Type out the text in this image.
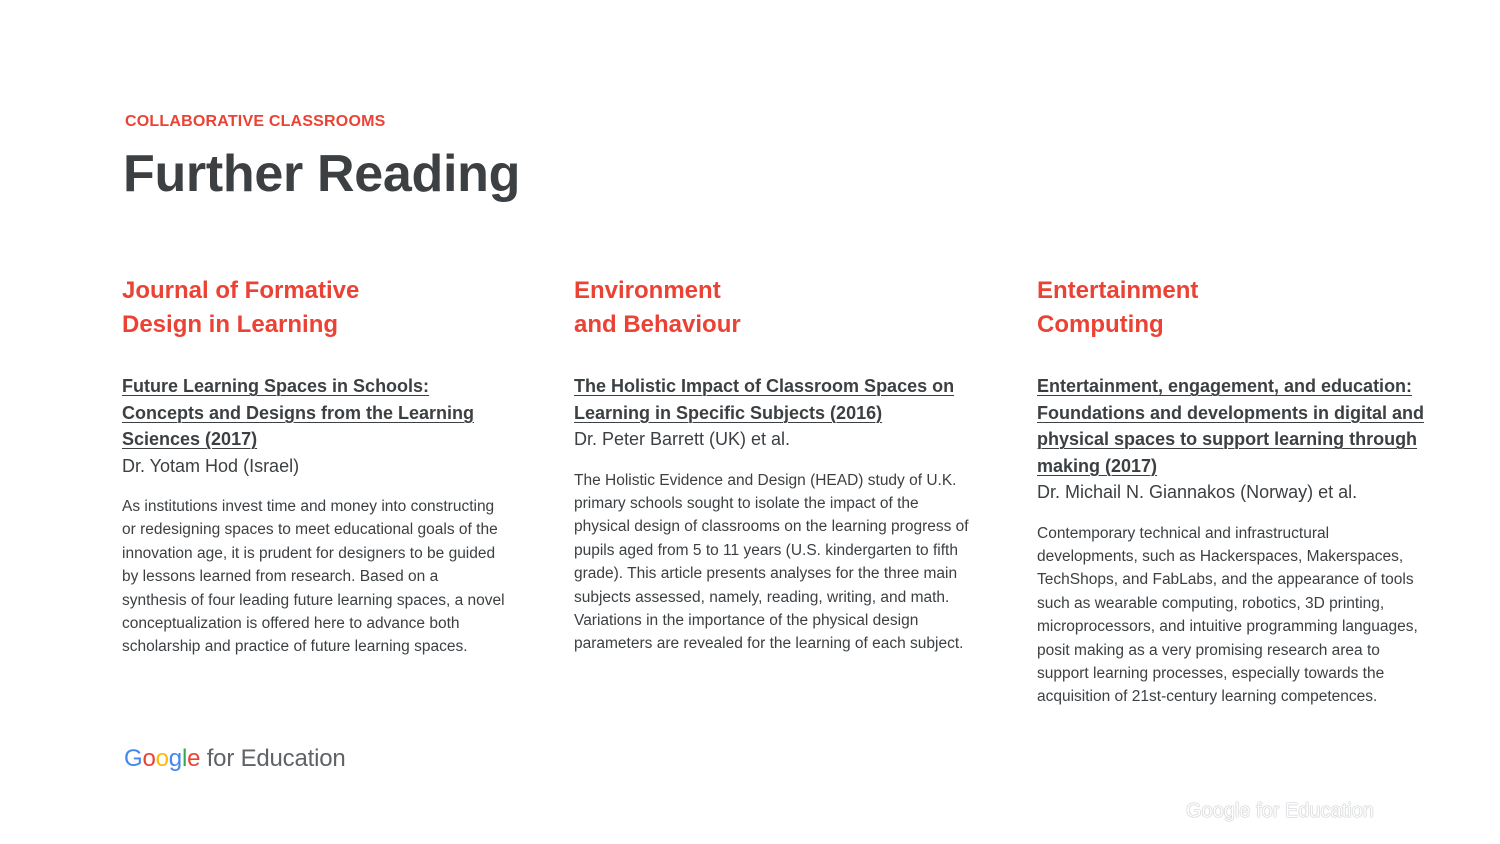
COLLABORATIVE CLASSROOMS

Further Reading
Journal of Formative
Design in Learning
Future Learning Spaces in Schools: Concepts and Designs from the Learning Sciences (2017)

Dr. Yotam Hod (Israel)

As institutions invest time and money into constructing or redesigning spaces to meet educational goals of the innovation age, it is prudent for designers to be guided by lessons learned from research. Based on a synthesis of four leading future learning spaces, a novel conceptualization is offered here to advance both scholarship and practice of future learning spaces.

Environment
and Behaviour
The Holistic Impact of Classroom Spaces on Learning in Specific Subjects (2016)

Dr. Peter Barrett (UK) et al.

The Holistic Evidence and Design (HEAD) study of U.K. primary schools sought to isolate the impact of the physical design of classrooms on the learning progress of pupils aged from 5 to 11 years (U.S. kindergarten to fifth grade). This article presents analyses for the three main subjects assessed, namely, reading, writing, and math. Variations in the importance of the physical design parameters are revealed for the learning of each subject.

Entertainment
Computing
Entertainment, engagement, and education: Foundations and developments in digital and physical spaces to support learning through making (2017)

Dr. Michail N. Giannakos (Norway) et al.

Contemporary technical and infrastructural developments, such as Hackerspaces, Makerspaces, TechShops, and FabLabs, and the appearance of tools such as wearable computing, robotics, 3D printing, microprocessors, and intuitive programming languages, posit making as a very promising research area to support learning processes, especially towards the acquisition of 21st-century learning competences.

Google for Education
Google for Education
